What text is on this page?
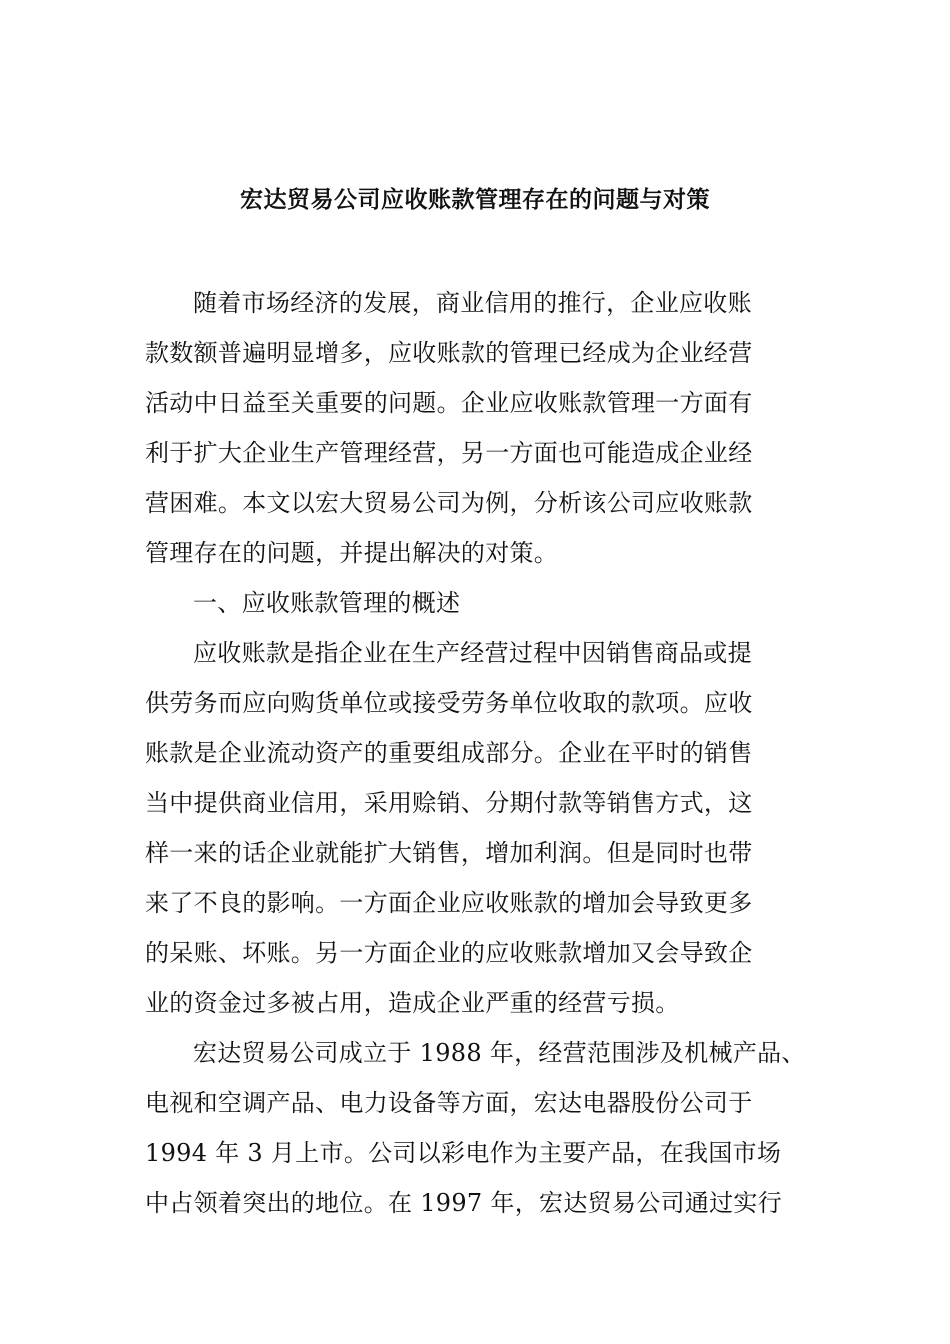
宏达贸易公司应收账款管理存在的问题与对策

随着市场经济的发展，商业信用的推行，企业应收账
款数额普遍明显增多，应收账款的管理已经成为企业经营
活动中日益至关重要的问题。企业应收账款管理一方面有
利于扩大企业生产管理经营，另一方面也可能造成企业经
营困难。本文以宏大贸易公司为例，分析该公司应收账款
管理存在的问题，并提出解决的对策。

一、应收账款管理的概述

应收账款是指企业在生产经营过程中因销售商品或提
供劳务而应向购货单位或接受劳务单位收取的款项。应收
账款是企业流动资产的重要组成部分。企业在平时的销售
当中提供商业信用，采用赊销、分期付款等销售方式，这
样一来的话企业就能扩大销售，增加利润。但是同时也带
来了不良的影响。一方面企业应收账款的增加会导致更多
的呆账、坏账。另一方面企业的应收账款增加又会导致企
业的资金过多被占用，造成企业严重的经营亏损。

宏达贸易公司成立于 1988 年，经营范围涉及机械产品、
电视和空调产品、电力设备等方面，宏达电器股份公司于
1994 年 3 月上市。公司以彩电作为主要产品，在我国市场
中占领着突出的地位。在 1997 年，宏达贸易公司通过实行
